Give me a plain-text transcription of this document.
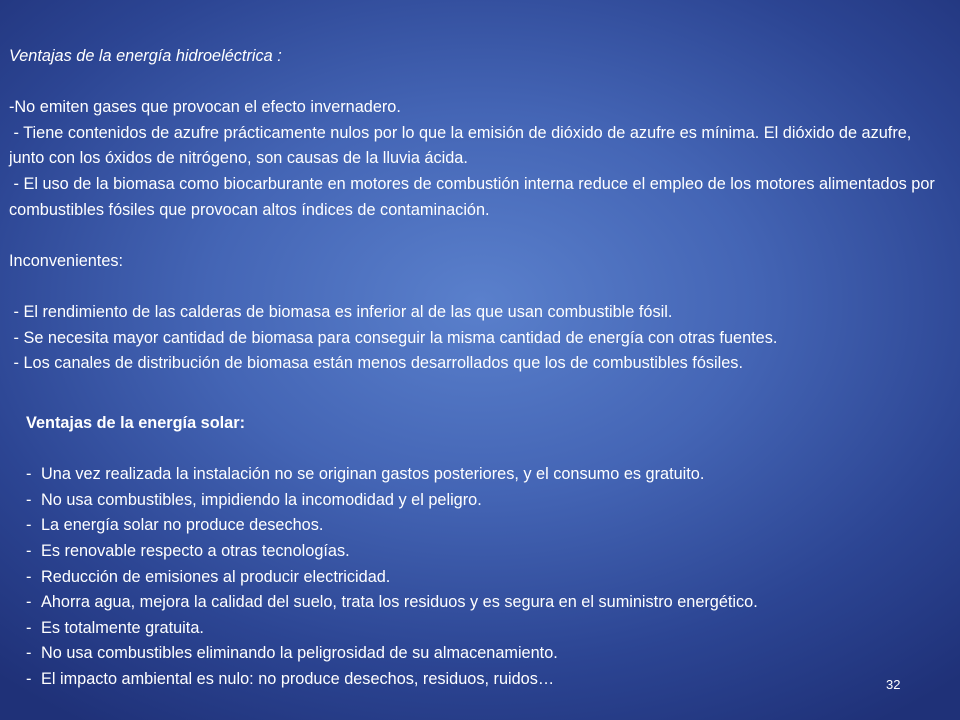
Ventajas de la energía hidroeléctrica :
-No emiten gases que provocan el efecto invernadero.
- Tiene contenidos de azufre prácticamente nulos por lo que la emisión de dióxido de azufre es mínima. El dióxido de azufre, junto con los óxidos de nitrógeno, son causas de la lluvia ácida.
- El uso de la biomasa como biocarburante en motores de combustión interna reduce el empleo de los motores alimentados por combustibles fósiles que provocan altos índices de contaminación.
Inconvenientes:
- El rendimiento de las calderas de biomasa es inferior al de las que usan combustible fósil.
- Se necesita mayor cantidad de biomasa para conseguir la misma cantidad de energía con otras fuentes.
- Los canales de distribución de biomasa están menos desarrollados que los de combustibles fósiles.
Ventajas de la energía solar:
- Una vez realizada la instalación no se originan gastos posteriores, y el consumo es gratuito.
- No usa combustibles, impidiendo la incomodidad y el peligro.
- La energía solar no produce desechos.
- Es renovable respecto a otras tecnologías.
- Reducción de emisiones al producir electricidad.
- Ahorra agua, mejora la calidad del suelo, trata los residuos y es segura en el suministro energético.
- Es totalmente gratuita.
- No usa combustibles eliminando la peligrosidad de su almacenamiento.
- El impacto ambiental es nulo: no produce desechos, residuos, ruidos…	32
